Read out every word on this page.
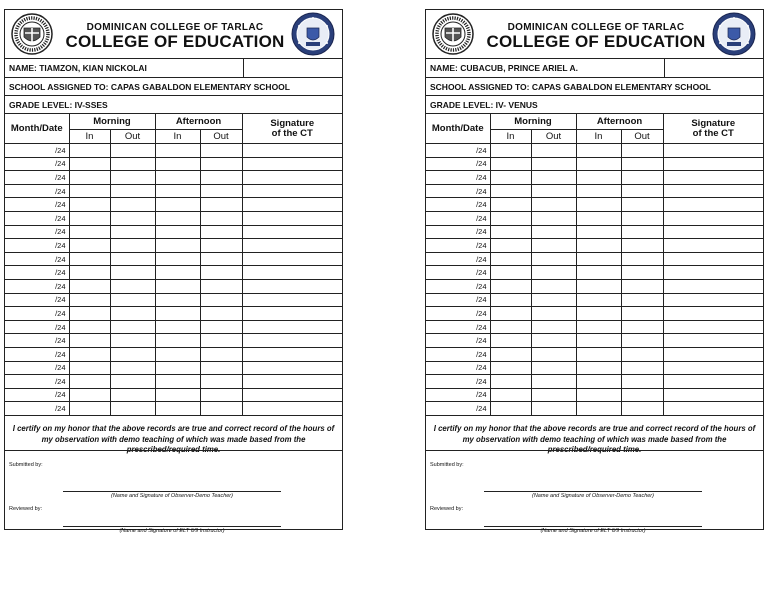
DOMINICAN COLLEGE OF TARLAC
COLLEGE OF EDUCATION
NAME: TIAMZON, KIAN NICKOLAI
SCHOOL ASSIGNED TO: CAPAS GABALDON ELEMENTARY SCHOOL
GRADE LEVEL: IV-SSES
Month/Date	Morning		Afternoon		Signature
of the CT
	In	Out	In	Out	
/24					
/24					
/24					
/24					
/24					
/24					
/24					
/24					
/24					
/24					
/24					
/24					
/24					
/24					
/24					
/24					
/24					
/24					
/24					
/24					
I certify on my honor that the above records are true and correct record of the hours of my observation with demo teaching of which was made based from the prescribed/required time.
Submitted by:
(Name and Signature of Observer-Demo Teacher)
Reviewed by:
(Name and Signature of ELT 6/9 Instructor)
DOMINICAN COLLEGE OF TARLAC
COLLEGE OF EDUCATION
NAME: CUBACUB, PRINCE ARIEL A.
SCHOOL ASSIGNED TO: CAPAS GABALDON ELEMENTARY SCHOOL
GRADE LEVEL: IV- VENUS
Month/Date	Morning		Afternoon		Signature
of the CT
	In	Out	In	Out	
/24					
/24					
/24					
/24					
/24					
/24					
/24					
/24					
/24					
/24					
/24					
/24					
/24					
/24					
/24					
/24					
/24					
/24					
/24					
/24					
I certify on my honor that the above records are true and correct record of the hours of my observation with demo teaching of which was made based from the prescribed/required time.
Submitted by:
(Name and Signature of Observer-Demo Teacher)
Reviewed by:
(Name and Signature of ELT 6/9 Instructor)
